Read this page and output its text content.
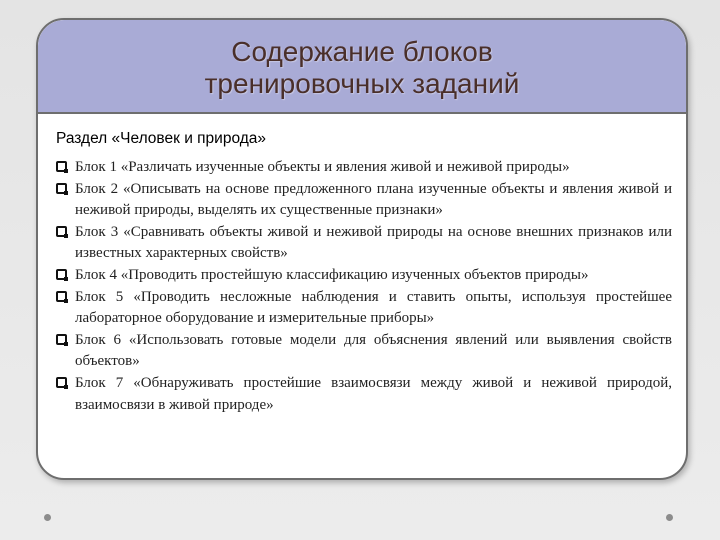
Содержание блоков
тренировочных заданий
Раздел «Человек и природа»
Блок 1 «Различать изученные объекты и явления живой и неживой природы»
Блок 2 «Описывать на основе предложенного плана изученные объекты и явления живой и неживой природы, выделять их существенные признаки»
Блок 3 «Сравнивать объекты живой и неживой природы на основе внешних признаков или известных характерных свойств»
Блок 4 «Проводить простейшую классификацию изученных объектов природы»
Блок 5 «Проводить несложные наблюдения и ставить опыты, используя простейшее лабораторное оборудование и измерительные приборы»
Блок 6 «Использовать готовые модели для объяснения явлений или выявления свойств объектов»
Блок 7 «Обнаруживать простейшие взаимосвязи между живой и неживой природой, взаимосвязи в живой природе»
